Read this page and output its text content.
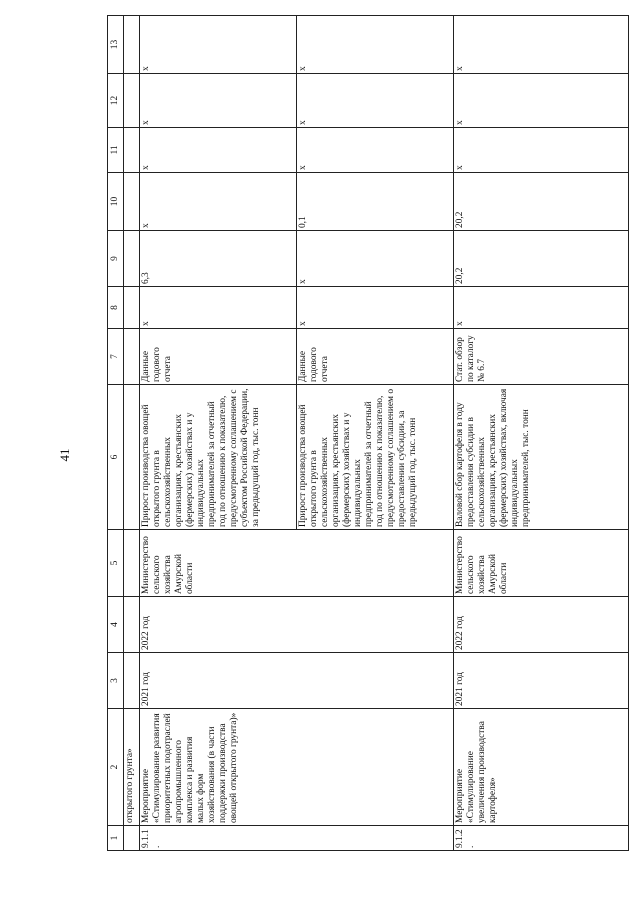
41
1	2	3	4	5	6	7	8	9	10	11	12	13
	открытого грунта»											
9.1.1.	Мероприятие «Стимулирование развития приоритетных подотраслей агропромышленного комплекса и развития малых форм хозяйствования (в части поддержки производства овощей открытого грунта)»	2021 год	2022 год	Министерство сельского хозяйства Амурской области	Прирост производства овощей открытого грунта в сельскохозяйственных организациях, крестьянских (фермерских) хозяйствах и у индивидуальных предпринимателей за отчетный год по отношению к показателю, предусмотренному соглашением с субъектом Российской Федерации, за предыдущий год, тыс. тонн	Данные годового отчета	х	6,3	х	х	х	х
					Прирост производства овощей открытого грунта в сельскохозяйственных организациях, крестьянских (фермерских) хозяйствах и у индивидуальных предпринимателей за отчетный год по отношению к показателю, предусмотренному соглашением о предоставлении субсидии, за предыдущий год, тыс. тонн	Данные годового отчета	х	х	0,1	х	х	х
9.1.2.	Мероприятие «Стимулирование увеличения производства картофеля»	2021 год	2022 год	Министерство сельского хозяйства Амурской области	Валовой сбор картофеля в году предоставления субсидии в сельскохозяйственных организациях, крестьянских (фермерских) хозяйствах, включая индивидуальных предпринимателей, тыс. тонн	Стат. обзор по каталогу № 6.7	х	20,2	20,2	х	х	х
